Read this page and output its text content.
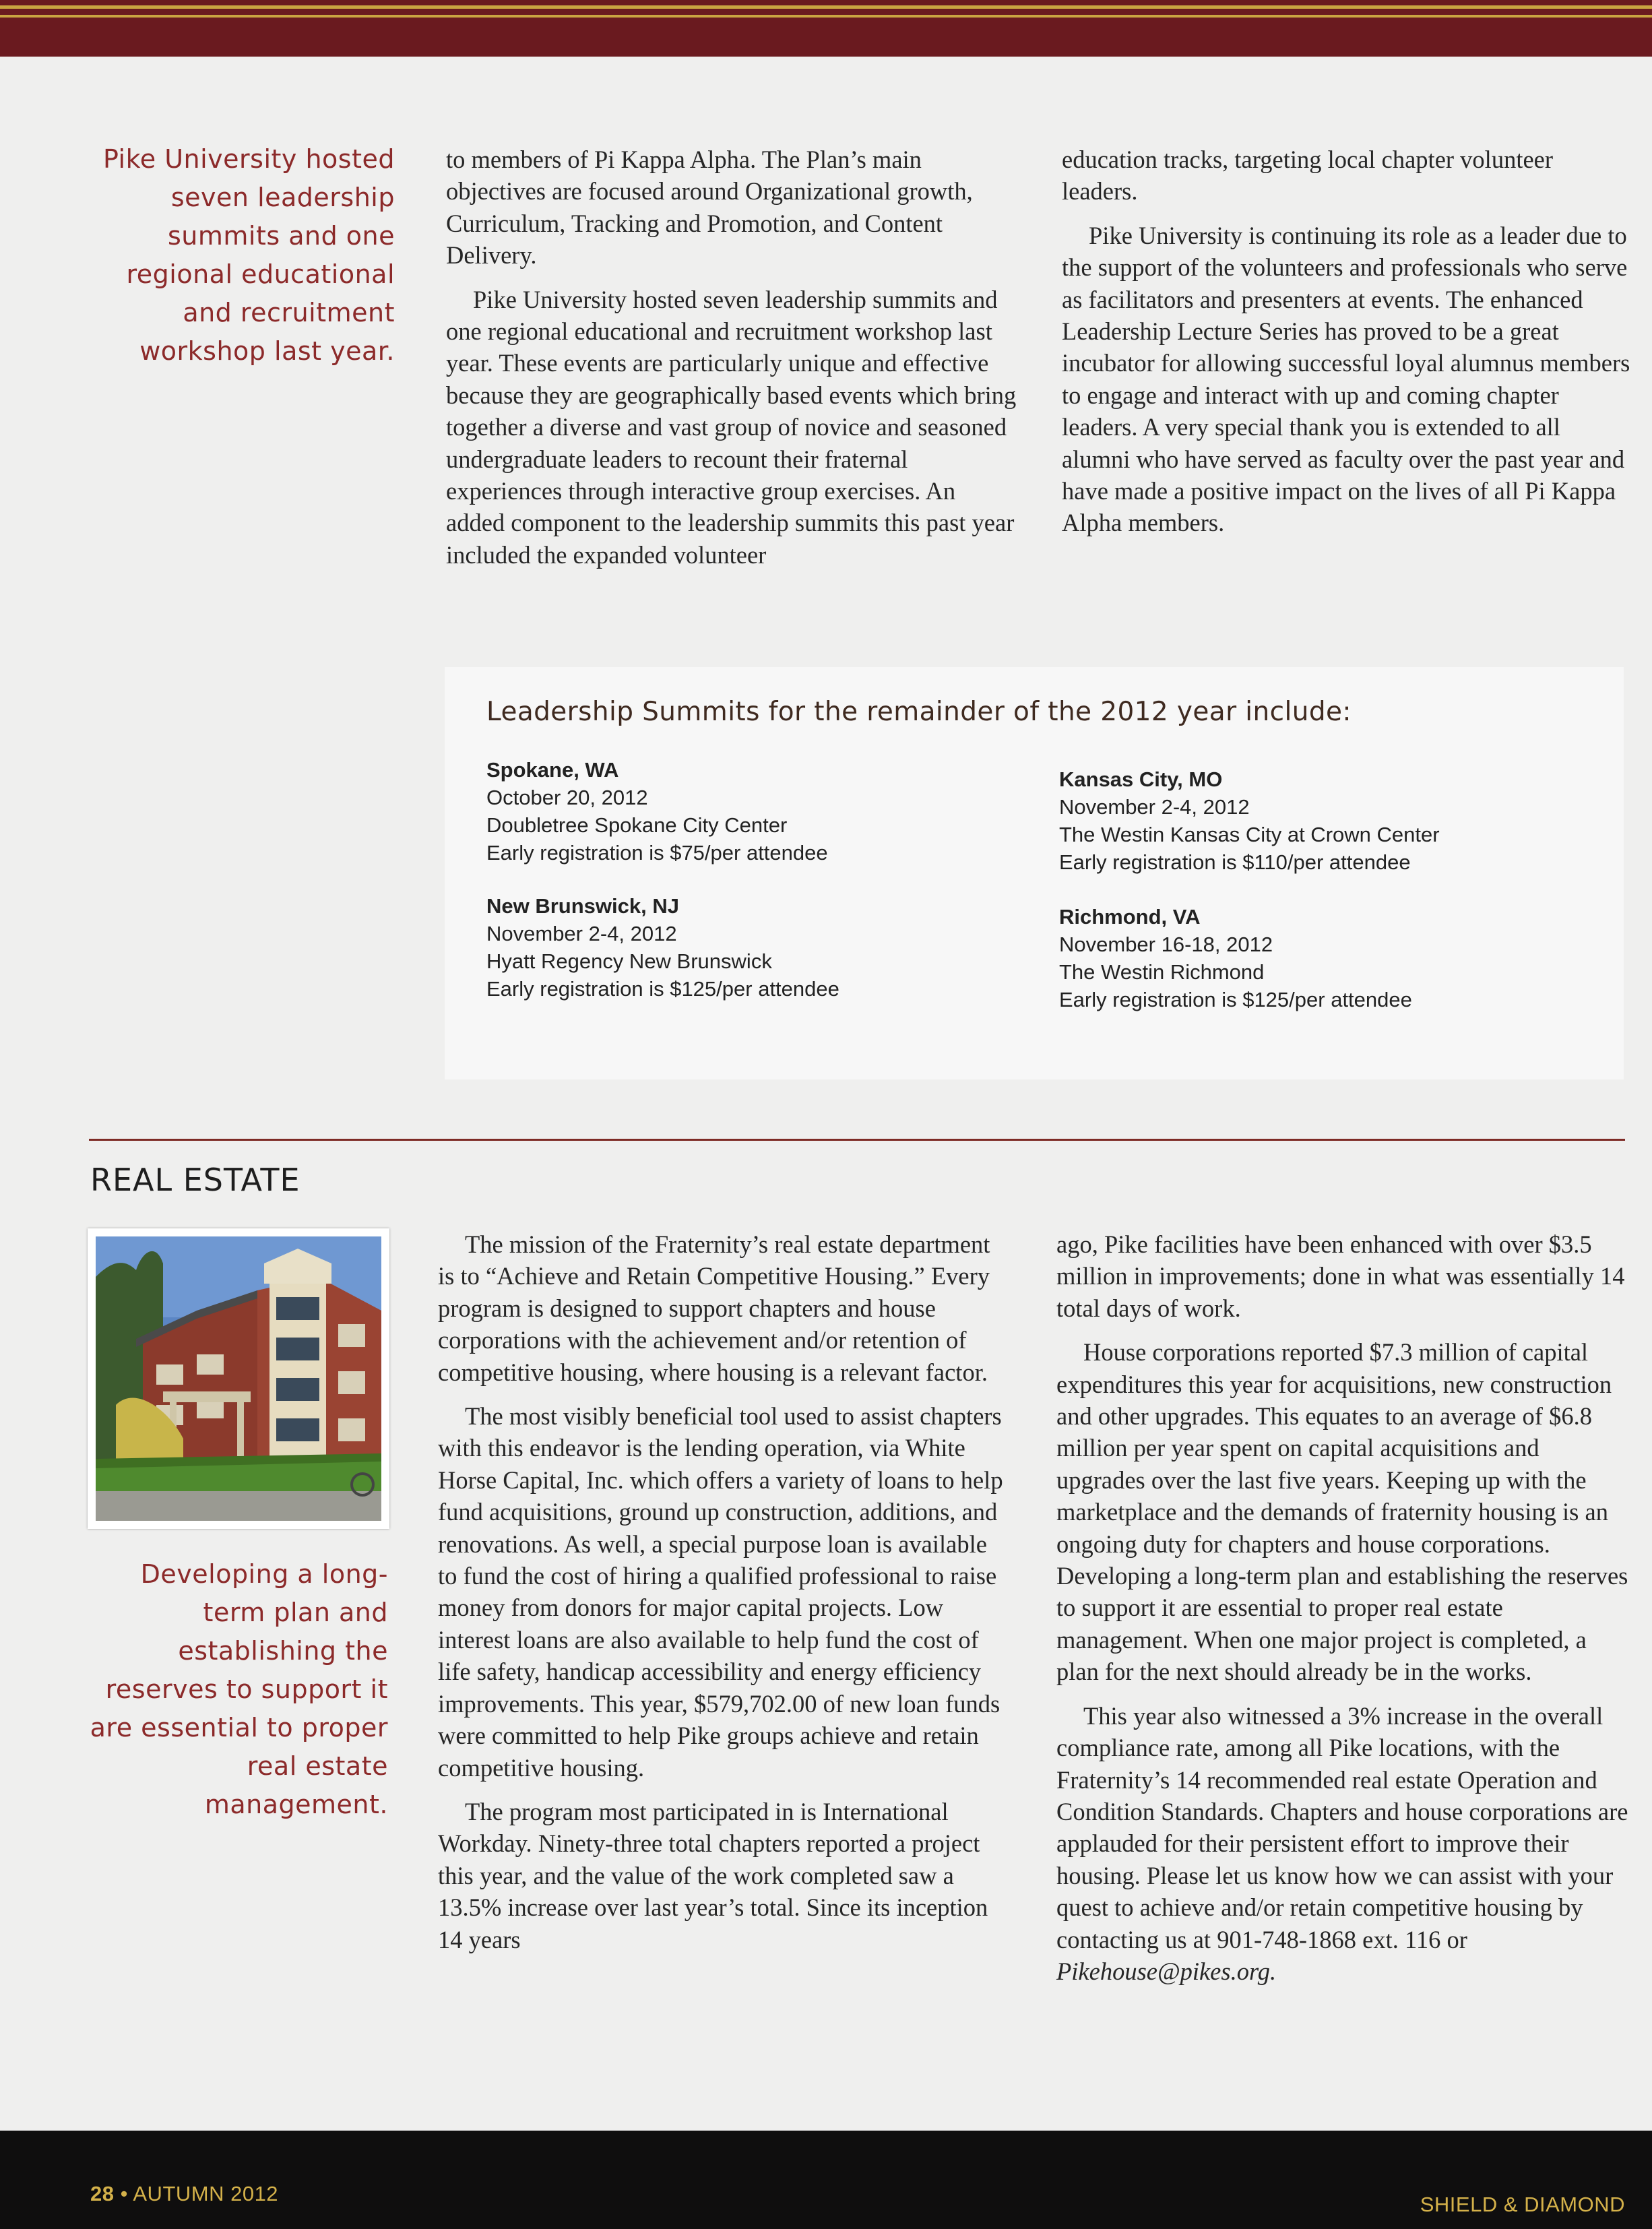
Pike University hosted seven leadership summits and one regional educational and recruitment workshop last year.

to members of Pi Kappa Alpha. The Plan’s main objectives are focused around Organizational growth, Curriculum, Tracking and Promotion, and Content Delivery.

Pike University hosted seven leadership summits and one regional educational and recruitment workshop last year. These events are particularly unique and effective because they are geographically based events which bring together a diverse and vast group of novice and seasoned undergraduate leaders to recount their fraternal experiences through interactive group exercises. An added component to the leadership summits this past year included the expanded volunteer

education tracks, targeting local chapter volunteer leaders.

Pike University is continuing its role as a leader due to the support of the volunteers and professionals who serve as facilitators and presenters at events. The enhanced Leadership Lecture Series has proved to be a great incubator for allowing successful loyal alumnus members to engage and interact with up and coming chapter leaders. A very special thank you is extended to all alumni who have served as faculty over the past year and have made a positive impact on the lives of all Pi Kappa Alpha members.

Leadership Summits for the remainder of the 2012 year include:
Spokane, WA
October 20, 2012
Doubletree Spokane City Center
Early registration is $75/per attendee
New Brunswick, NJ
November 2-4, 2012
Hyatt Regency New Brunswick
Early registration is $125/per attendee
Kansas City, MO
November 2-4, 2012
The Westin Kansas City at Crown Center
Early registration is $110/per attendee
Richmond, VA
November 16-18, 2012
The Westin Richmond
Early registration is $125/per attendee
REAL ESTATE
Developing a long-term plan and establishing the reserves to support it are essential to proper real estate management.

The mission of the Fraternity’s real estate department is to “Achieve and Retain Competitive Housing.” Every program is designed to support chapters and house corporations with the achievement and/or retention of competitive housing, where housing is a relevant factor.

The most visibly beneficial tool used to assist chapters with this endeavor is the lending operation, via White Horse Capital, Inc. which offers a variety of loans to help fund acquisitions, ground up construction, additions, and renovations. As well, a special purpose loan is available to fund the cost of hiring a qualified professional to raise money from donors for major capital projects. Low interest loans are also available to help fund the cost of life safety, handicap accessibility and energy efficiency improvements. This year, $579,702.00 of new loan funds were committed to help Pike groups achieve and retain competitive housing.

The program most participated in is International Workday. Ninety-three total chapters reported a project this year, and the value of the work completed saw a 13.5% increase over last year’s total. Since its inception 14 years

ago, Pike facilities have been enhanced with over $3.5 million in improvements; done in what was essentially 14 total days of work.

House corporations reported $7.3 million of capital expenditures this year for acquisitions, new construction and other upgrades. This equates to an average of $6.8 million per year spent on capital acquisitions and upgrades over the last five years. Keeping up with the marketplace and the demands of fraternity housing is an ongoing duty for chapters and house corporations. Developing a long-term plan and establishing the reserves to support it are essential to proper real estate management. When one major project is completed, a plan for the next should already be in the works.

This year also witnessed a 3% increase in the overall compliance rate, among all Pike locations, with the Fraternity’s 14 recommended real estate Operation and Condition Standards. Chapters and house corporations are applauded for their persistent effort to improve their housing. Please let us know how we can assist with your quest to achieve and/or retain competitive housing by contacting us at 901-748-1868 ext. 116 or Pikehouse@pikes.org.

28 • AUTUMN 2012	SHIELD & DIAMOND
